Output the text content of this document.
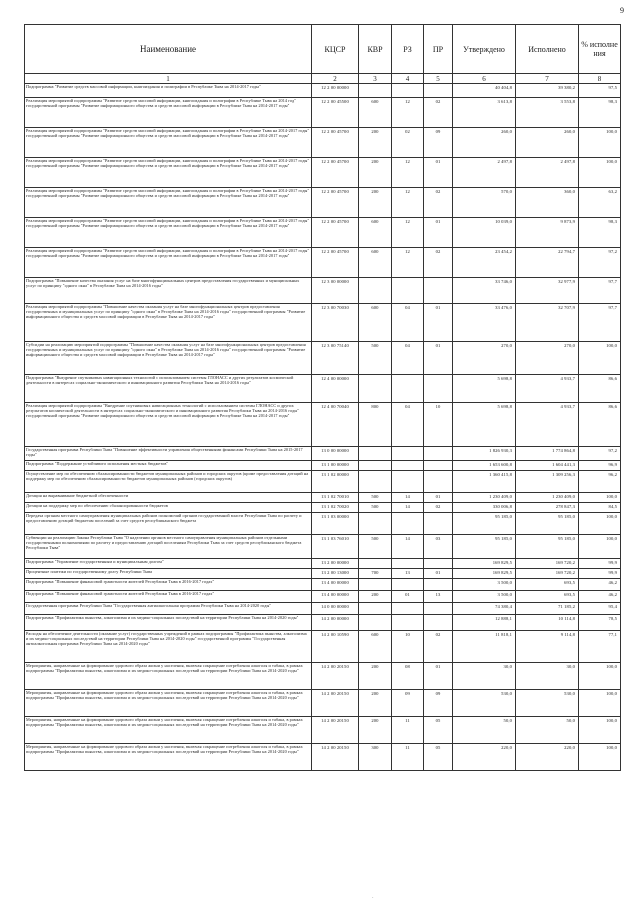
9
Наименование	КЦСР	КВР	РЗ	ПР	Утверждено	Исполнено	% исполне ния
1	2	3	4	5	6	7	8
Подпрограмма "Развитие средств массовой информации, книгоиздания и полиграфии в Республике Тыва на 2014-2017 годы"	12 2 00 00000				40 404,8	39 380,2	97,5
Реализация мероприятий подпрограммы "Развитие средств массовой информации, книгоиздания и полиграфии в Республике Тыва на 2014 год" государственной программы "Развитие информационного общества и средств массовой информации в Республике Тыва на 2014-2017 годы"	12 2 00 45500	600	12	02	3 613,8	3 553,8	98,3
Реализация мероприятий подпрограммы "Развитие средств массовой информации, книгоиздания и полиграфии в Республике Тыва на 2014-2017 годы" государственной программы "Развитие информационного общества и средств массовой информации в Республике Тыва на 2014-2017 годы"	12 2 00 45700	200	02	09	260,0	260,0	100,0
Реализация мероприятий подпрограммы "Развитие средств массовой информации, книгоиздания и полиграфии в Республике Тыва на 2014-2017 годы" государственной программы "Развитие информационного общества и средств массовой информации в Республике Тыва на 2014-2017 годы"	12 2 00 45700	200	12	01	2 497,8	2 497,8	100,0
Реализация мероприятий подпрограммы "Развитие средств массовой информации, книгоиздания и полиграфии в Республике Тыва на 2014-2017 годы" государственной программы "Развитие информационного общества и средств массовой информации в Республике Тыва на 2014-2017 годы"	12 2 00 45700	200	12	02	570,0	360,0	63,2
Реализация мероприятий подпрограммы "Развитие средств массовой информации, книгоиздания и полиграфии в Республике Тыва на 2014-2017 годы" государственной программы "Развитие информационного общества и средств массовой информации в Республике Тыва на 2014-2017 годы"	12 2 00 45700	600	12	01	10 039,0	9 873,9	98,3
Реализация мероприятий подпрограммы "Развитие средств массовой информации, книгоиздания и полиграфии в Республике Тыва на 2014-2017 годы" государственной программы "Развитие информационного общества и средств массовой информации в Республике Тыва на 2014-2017 годы"	12 2 00 45700	600	12	02	23 454,2	22 794,7	97,2
Подпрограмма "Повышение качества оказания услуг на базе многофункциональных центров предоставления государственных и муниципальных услуг по принципу "одного окна" в Республике Тыва на 2014-2016 годы"	12 3 00 00000				33 746,0	32 977,9	97,7
Реализация мероприятий подпрограммы "Повышение качества оказания услуг на базе многофункциональных центров предоставления государственных и муниципальных услуг по принципу "одного окна" в Республике Тыва на 2014-2016 годы" государственной программы "Развитие информационного общества и средств массовой информации в Республике Тыва на 2014-2017 годы"	12 3 00 70030	600	04	01	33 476,0	32 707,9	97,7
Субсидии на реализацию мероприятий подпрограммы "Повышение качества оказания услуг на базе многофункциональных центров предоставления государственных и муниципальных услуг по принципу "одного окна" в Республике Тыва на 2014-2016 годы" государственной программы "Развитие информационного общества и средств массовой информации в Республике Тыва на 2014-2017 годы"	12 3 00 75140	500	04	01	270,0	270,0	100,0
Подпрограмма "Внедрение спутниковых навигационных технологий с использованием системы ГЛОНАСС и других результатов космической деятельности в интересах социально-экономического и инновационного развития Республики Тыва на 2014-2016 годы"	12 4 00 00000				5 698,8	4 933,7	86,6
Реализация мероприятий подпрограммы "Внедрение спутниковых навигационных технологий с использованием системы ГЛОНАСС и других результатов космической деятельности в интересах социально-экономического и инновационного развития Республики Тыва на 2014-2016 годы" государственной программы "Развитие информационного общества и средств массовой информации в Республике Тыва на 2014-2017 годы"	12 4 00 70040	800	04	10	5 698,8	4 933,7	86,6
Государственная программа Республики Тыва "Повышение эффективности управления общественными финансами Республики Тыва на 2015-2017 годы"	13 0 00 00000				1 826 930,3	1 774 864,8	97,2
Подпрограмма "Поддержание устойчивого исполнения местных бюджетов"	13 1 00 00000				1 653 600,8	1 604 441,3	96,9
Осуществление мер по обеспечению сбалансированности бюджетов муниципальных районов и городских округов (кроме предоставления дотаций на поддержку мер по обеспечению сбалансированности бюджетов муниципальных районов (городских округов)	13 1 02 00000				1 360 415,8	1 309 256,3	96,2
Дотация на выравнивание бюджетной обеспеченности	13 1 02 70010	500	14	01	1 230 409,0	1 230 409,0	100,0
Дотации на поддержку мер по обеспечению сбалансированности бюджетов	13 1 02 70020	500	14	02	330 006,8	278 847,3	84,5
Передача органам местного самоуправления муниципальных районов полномочий органов государственной власти Республики Тыва по расчету и предоставлению дотаций бюджетам поселений за счет средств республиканского бюджета	13 1 03 00000				95 185,0	95 185,0	100,0
Субвенции на реализацию Закона Республики Тыва "О наделении органов местного самоуправления муниципальных районов отдельными государственными полномочиями по расчету и предоставлению дотаций поселениям Республики Тыва за счет средств республиканского бюджета Республики Тыва"	13 1 03 76010	500	14	03	95 185,0	95 185,0	100,0
Подпрограмма "Управление государственным и муниципальным долгом"	13 2 00 00000				169 829,5	169 720,2	99,9
Процентные платежи по государственному долгу Республики Тыва	13 2 00 13000	700	13	01	169 829,5	169 720,2	99,9
Подпрограмма "Повышение финансовой грамотности жителей Республики Тыва в 2016-2017 годах"	13 4 00 00000				3 500,0	693,5	46,2
Подпрограмма "Повышение финансовой грамотности жителей Республики Тыва в 2016-2017 годах"	13 4 00 00000	200	01	13	3 500,0	693,5	46,2
Государственная программа Республики Тыва "Государственная антиалкогольная программа Республики Тыва на 2014-2020 годы"	14 0 00 00000				74 380,4	71 185,2	95,4
Подпрограмма "Профилактика пьянства, алкоголизма и их медико-социальных последствий на территории Республики Тыва на 2014-2020 годы"	14 2 00 00000				12 888,1	10 114,8	78,5
Расходы на обеспечение деятельности (оказание услуг) государственных учреждений в рамках подпрограммы "Профилактика пьянства, алкоголизма и их медико-социальных последствий на территории Республики Тыва на 2014-2020 годы" государственной программы "Государственная антиалкогольная программа Республики Тыва на 2014-2020 годы"	14 2 00 10590	600	10	02	11 818,1	9 114,8	77,1
Мероприятия, направленные на формирование здорового образа жизни у населения, включая сокращение потребления алкоголя и табака, в рамках подпрограммы "Профилактика пьянства, алкоголизма и их медико-социальных последствий на территории Республики Тыва на 2014-2020 годы"	14 2 00 20150	200	08	01	30,0	30,0	100,0
Мероприятия, направленные на формирование здорового образа жизни у населения, включая сокращение потребления алкоголя и табака, в рамках подпрограммы "Профилактика пьянства, алкоголизма и их медико-социальных последствий на территории Республики Тыва на 2014-2020 годы"	14 2 00 20150	200	09	09	530,0	530,0	100,0
Мероприятия, направленные на формирование здорового образа жизни у населения, включая сокращение потребления алкоголя и табака, в рамках подпрограммы "Профилактика пьянства, алкоголизма и их медико-социальных последствий на территории Республики Тыва на 2014-2020 годы"	14 2 00 20150	200	11	05	50,0	50,0	100,0
Мероприятия, направленные на формирование здорового образа жизни у населения, включая сокращение потребления алкоголя и табака, в рамках подпрограммы "Профилактика пьянства, алкоголизма и их медико-социальных последствий на территории Республики Тыва на 2014-2020 годы"	14 2 00 20150	300	11	05	220,0	220,0	100,0
·
